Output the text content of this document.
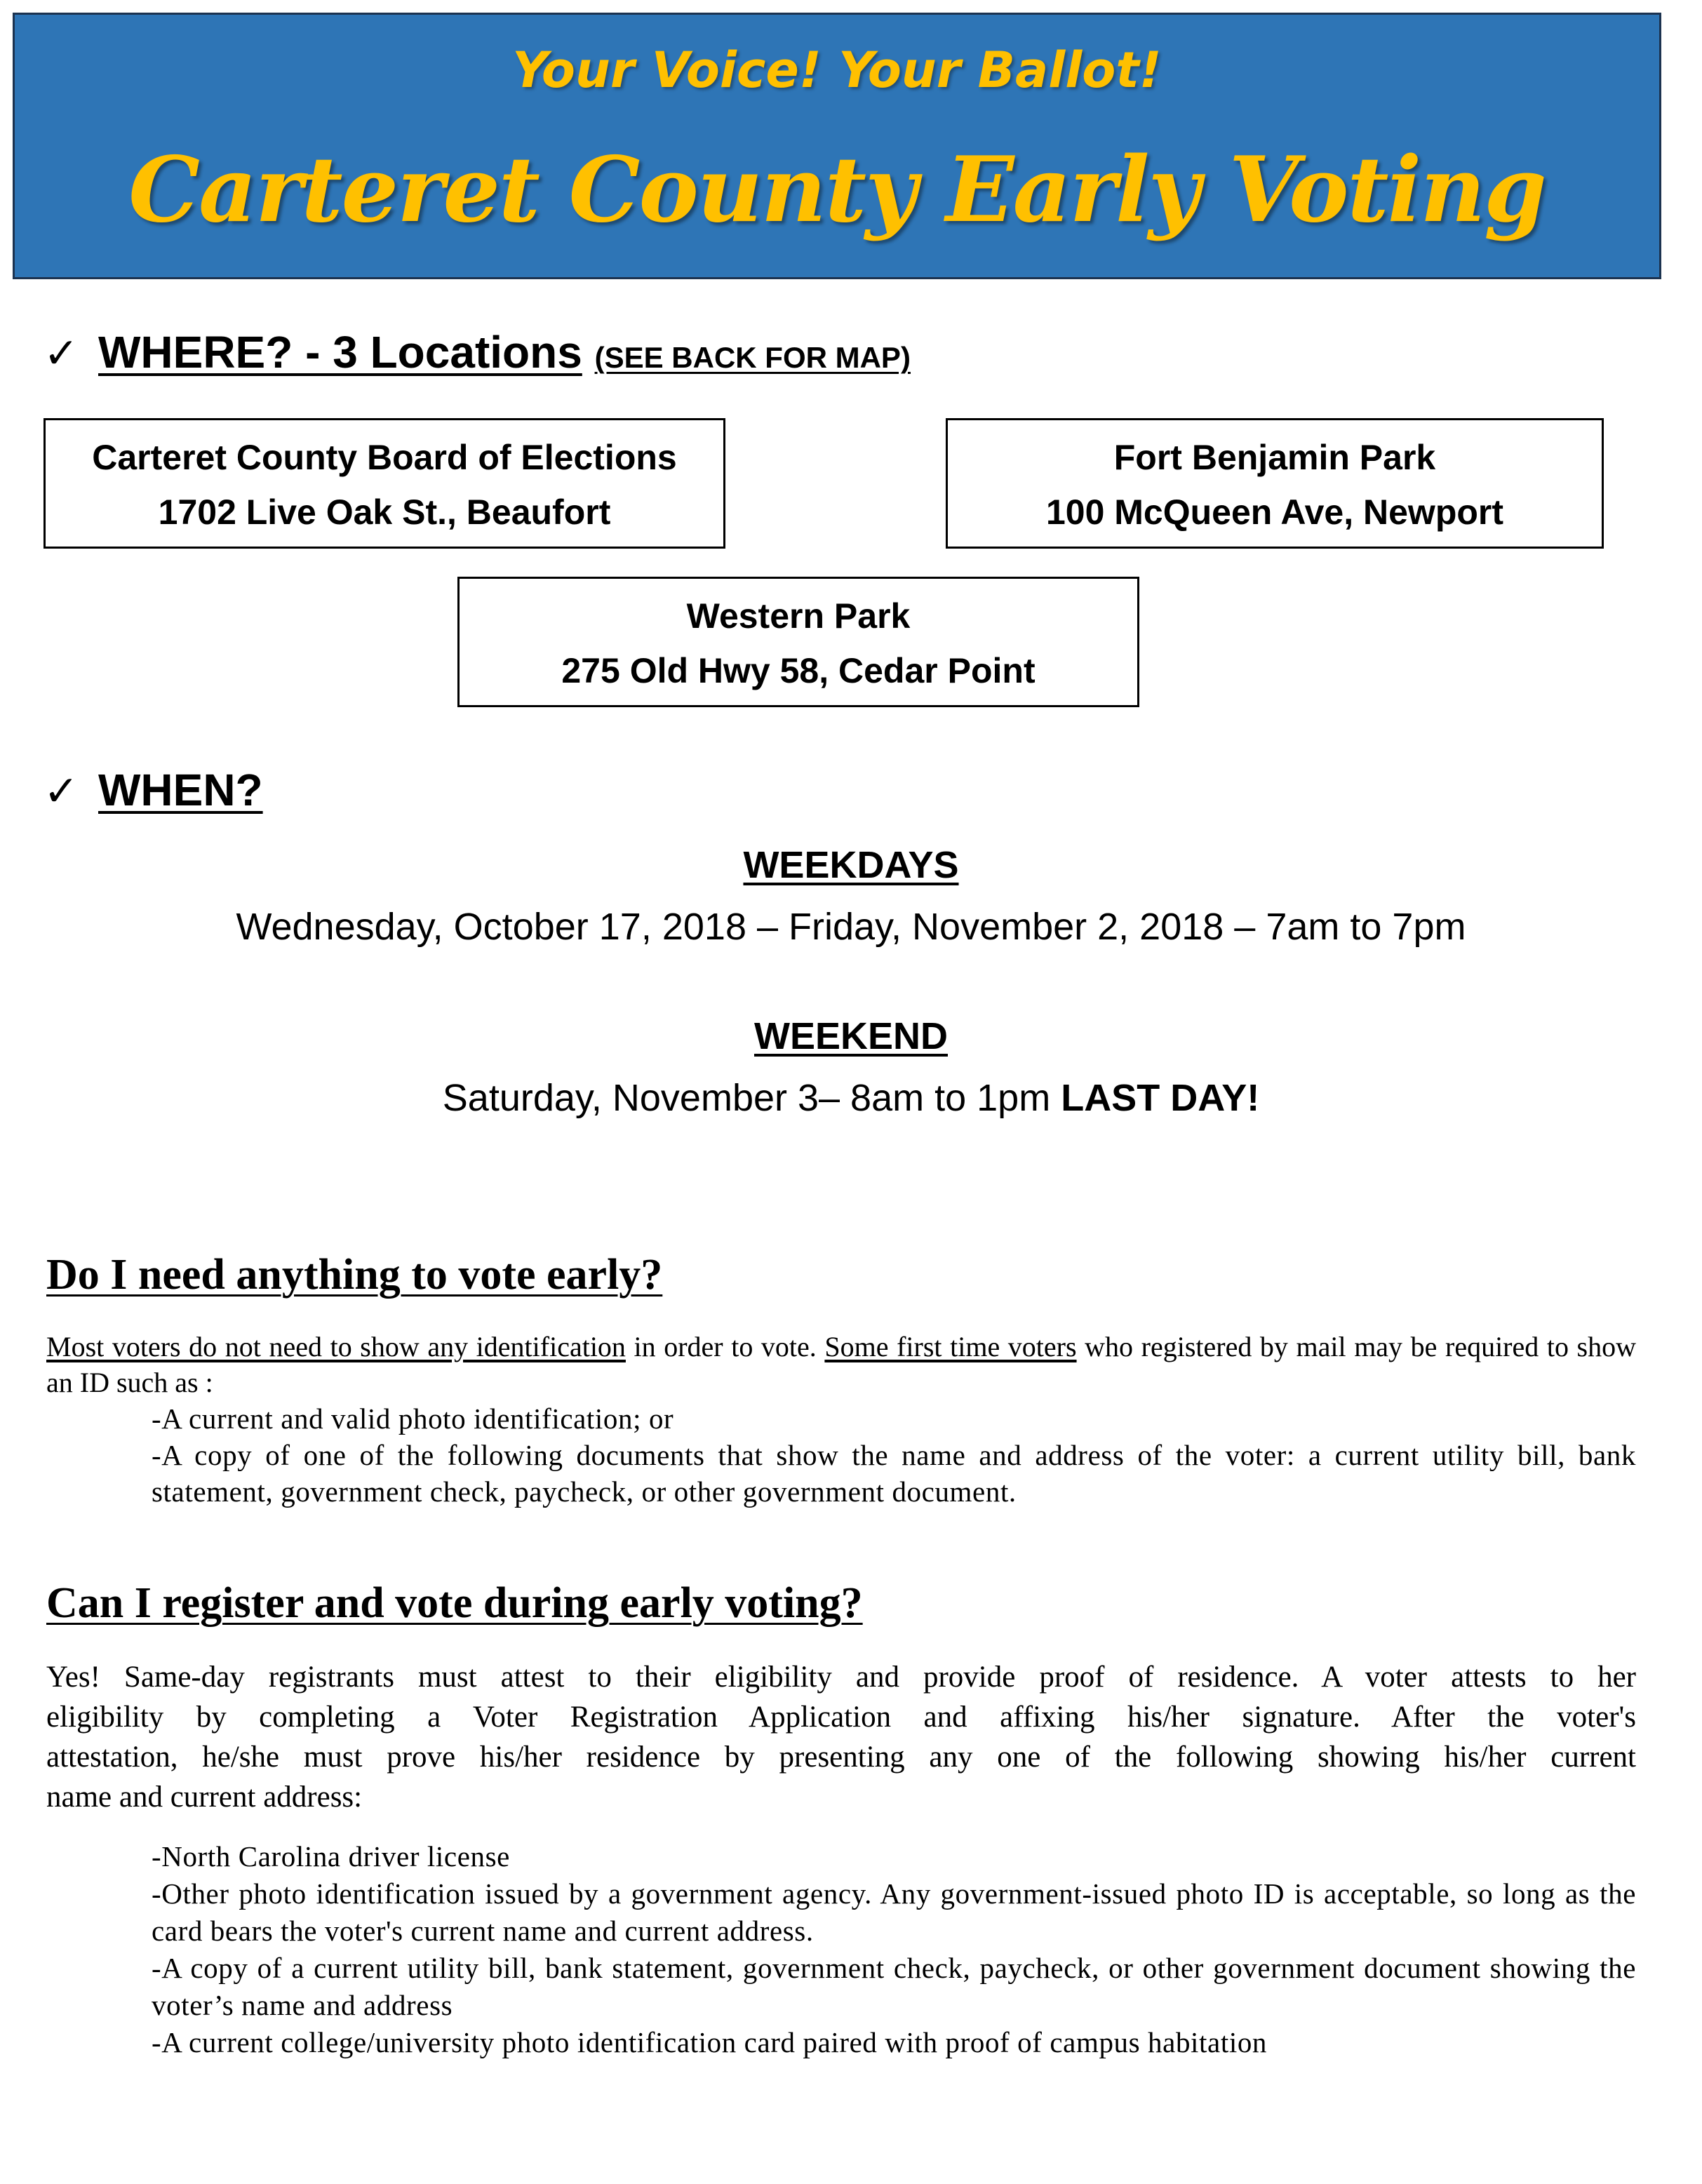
Your Voice! Your Ballot!
Carteret County Early Voting
✓ WHERE? - 3 Locations (SEE BACK FOR MAP)
Carteret County Board of Elections
1702 Live Oak St., Beaufort
Fort Benjamin Park
100 McQueen Ave, Newport
Western Park
275 Old Hwy 58, Cedar Point
✓ WHEN?
WEEKDAYS
Wednesday, October 17, 2018 – Friday, November 2, 2018 – 7am to 7pm
WEEKEND
Saturday, November 3– 8am to 1pm LAST DAY!
Do I need anything to vote early?
Most voters do not need to show any identification in order to vote. Some first time voters who registered by mail may be required to show an ID such as :
-A current and valid photo identification; or
-A copy of one of the following documents that show the name and address of the voter: a current utility bill, bank statement, government check, paycheck, or other government document.
Can I register and vote during early voting?
Yes! Same-day registrants must attest to their eligibility and provide proof of residence. A voter attests to her
eligibility by completing a Voter Registration Application and affixing his/her signature. After the voter's
attestation, he/she must prove his/her residence by presenting any one of the following showing his/her current
name and current address:
-North Carolina driver license
-Other photo identification issued by a government agency. Any government-issued photo ID is acceptable, so long as the card bears the voter's current name and current address.
-A copy of a current utility bill, bank statement, government check, paycheck, or other government document showing the voter’s name and address
-A current college/university photo identification card paired with proof of campus habitation
